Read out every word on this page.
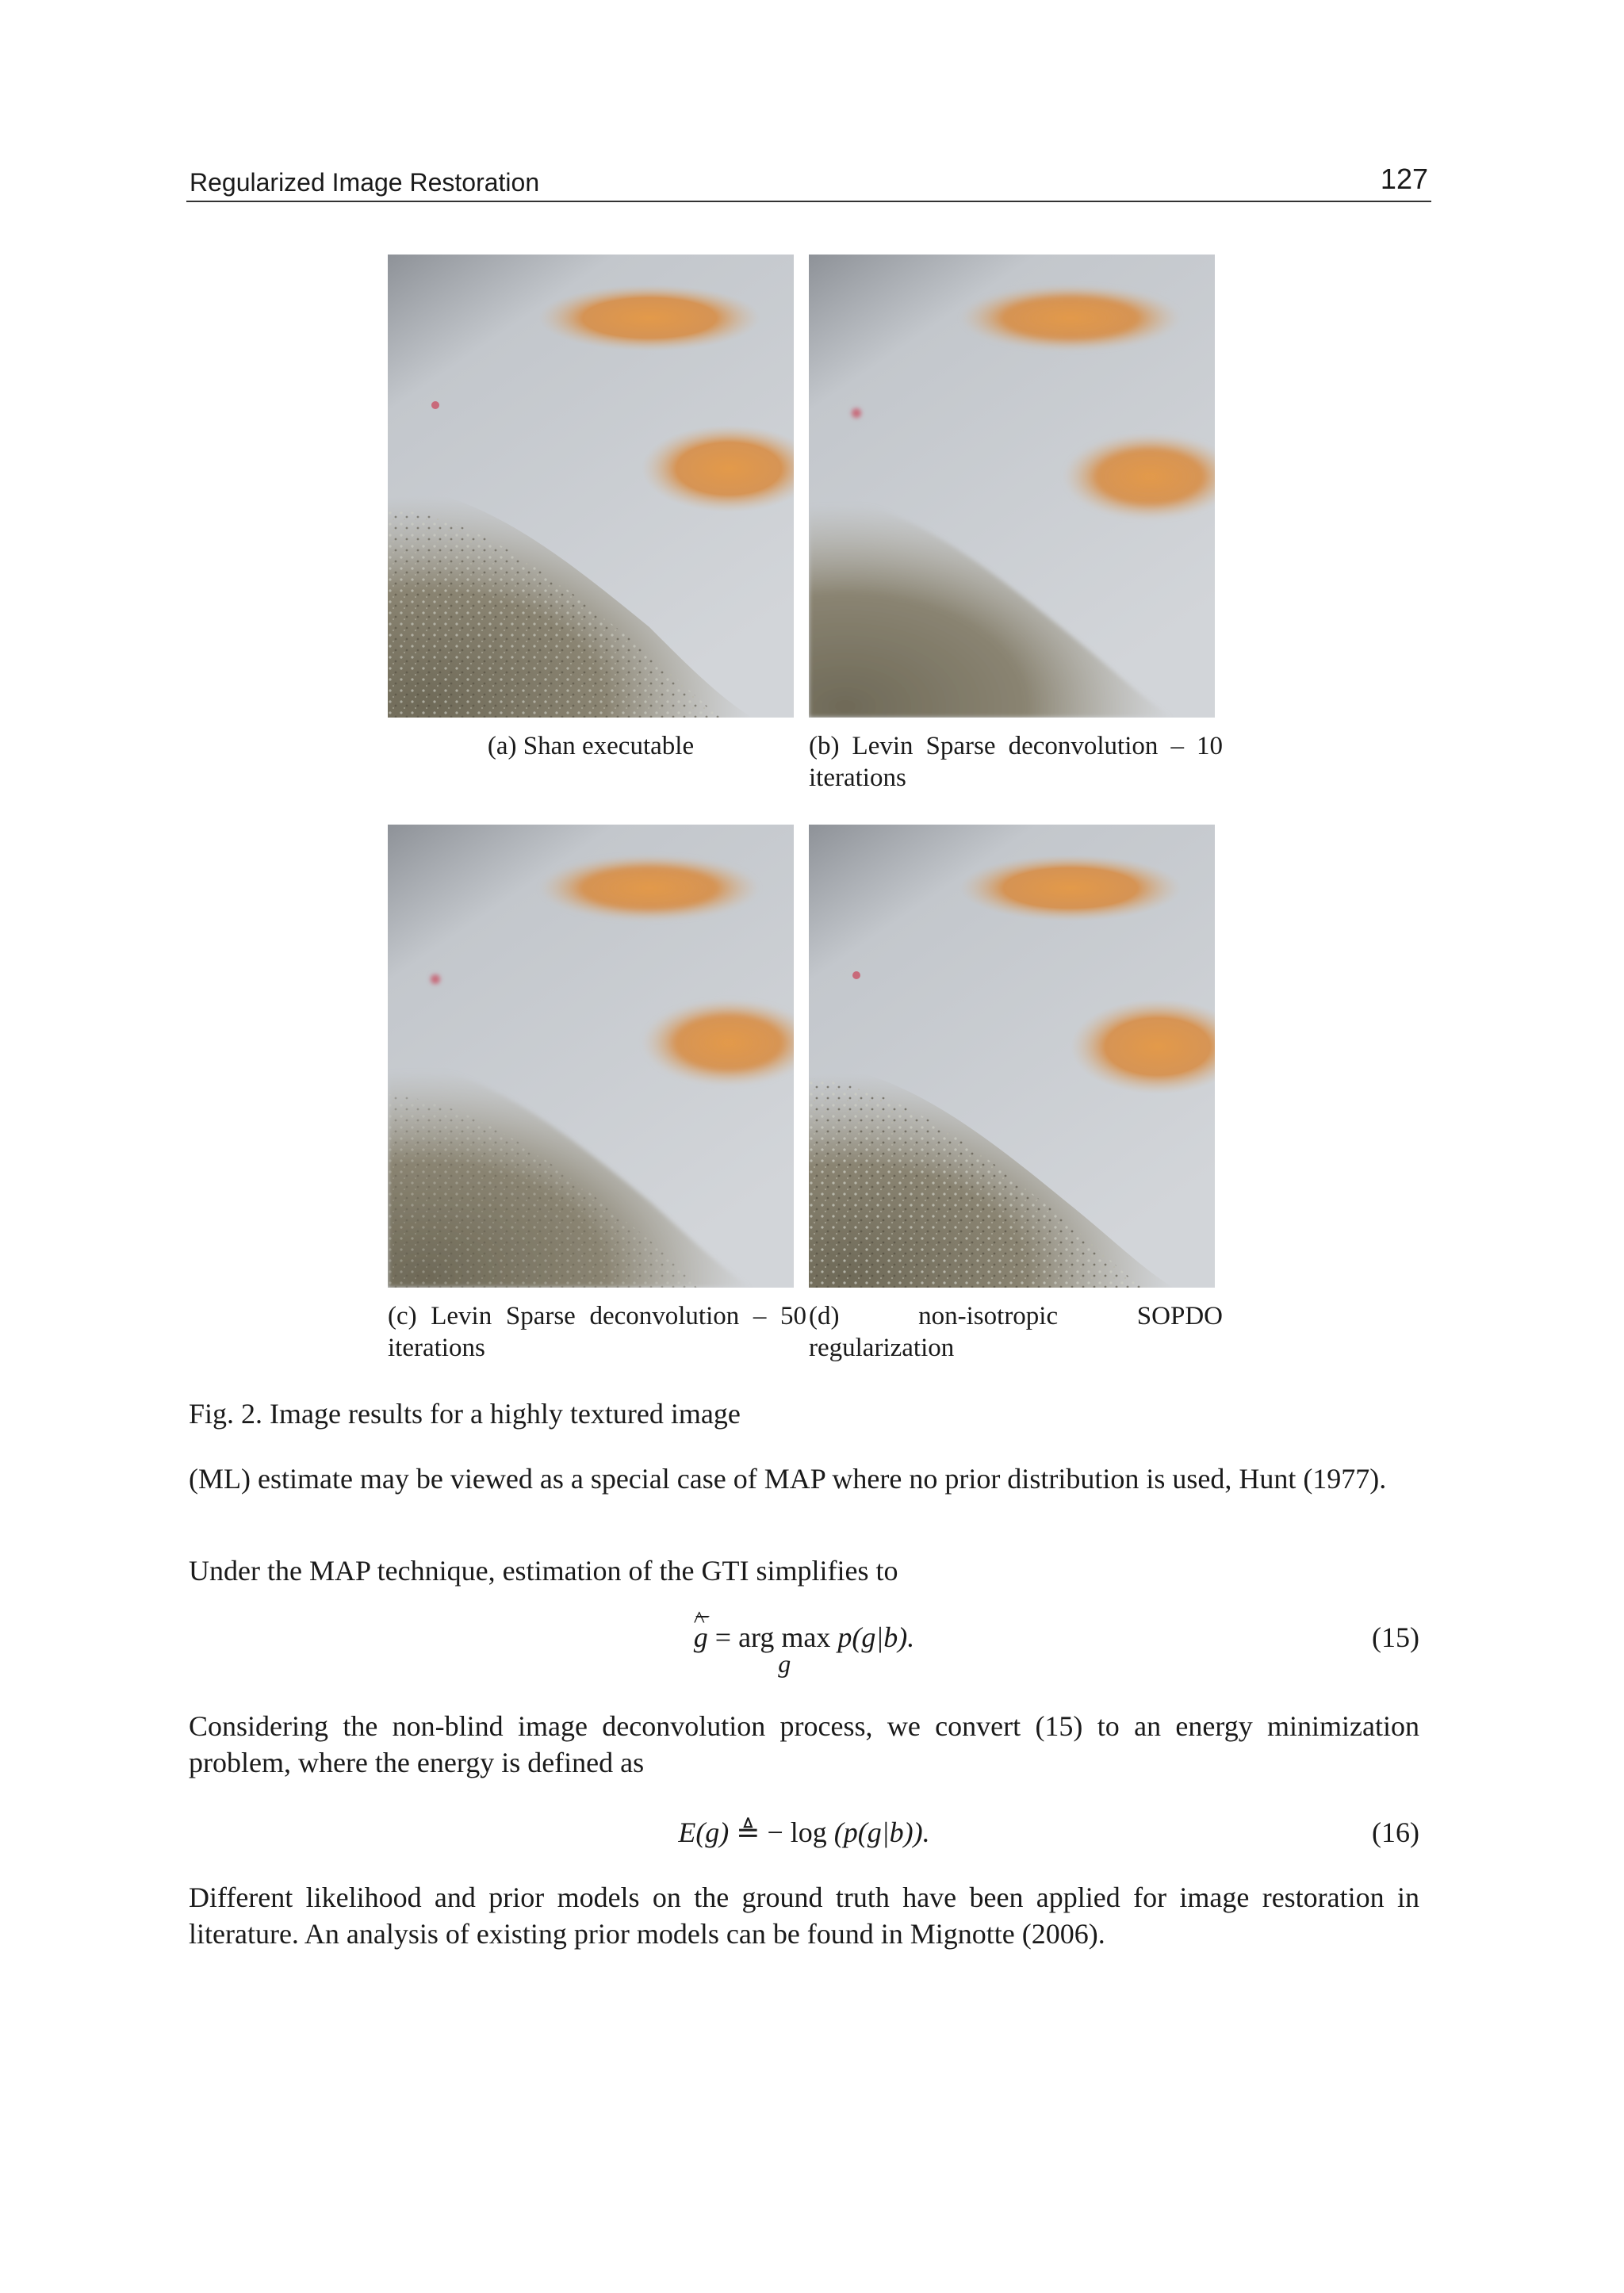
Regularized Image Restoration	127
(a) Shan executable	(b) Levin Sparse deconvolution – 10 iterations
(c) Levin Sparse deconvolution – 50 iterations
(d) non-isotropic SOPDO regularization
Fig. 2. Image results for a highly textured image
(ML) estimate may be viewed as a special case of MAP where no prior distribution is used, Hunt (1977).
Under the MAP technique, estimation of the GTI simplifies to
g ^ = arg max
g
p(g|b).	(15)
Considering the non-blind image deconvolution process, we convert (15) to an energy minimization problem, where the energy is defined as
E(g) ≜ − log (p(g|b)).	(16)
Different likelihood and prior models on the ground truth have been applied for image restoration in literature. An analysis of existing prior models can be found in Mignotte (2006).
